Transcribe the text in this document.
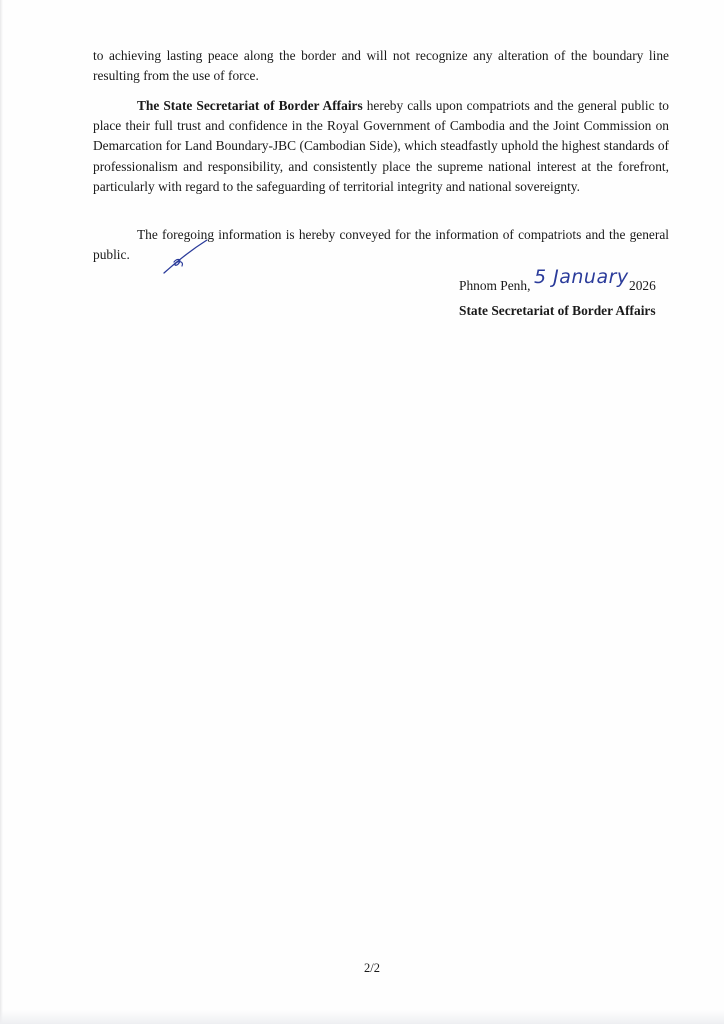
to achieving lasting peace along the border and will not recognize any alteration of the boundary line resulting from the use of force.
The State Secretariat of Border Affairs hereby calls upon compatriots and the general public to place their full trust and confidence in the Royal Government of Cambodia and the Joint Commission on Demarcation for Land Boundary-JBC (Cambodian Side), which steadfastly uphold the highest standards of professionalism and responsibility, and consistently place the supreme national interest at the forefront, particularly with regard to the safeguarding of territorial integrity and national sovereignty.
The foregoing information is hereby conveyed for the information of compatriots and the general public.
Phnom Penh, 5 January 2026
State Secretariat of Border Affairs
2/2
